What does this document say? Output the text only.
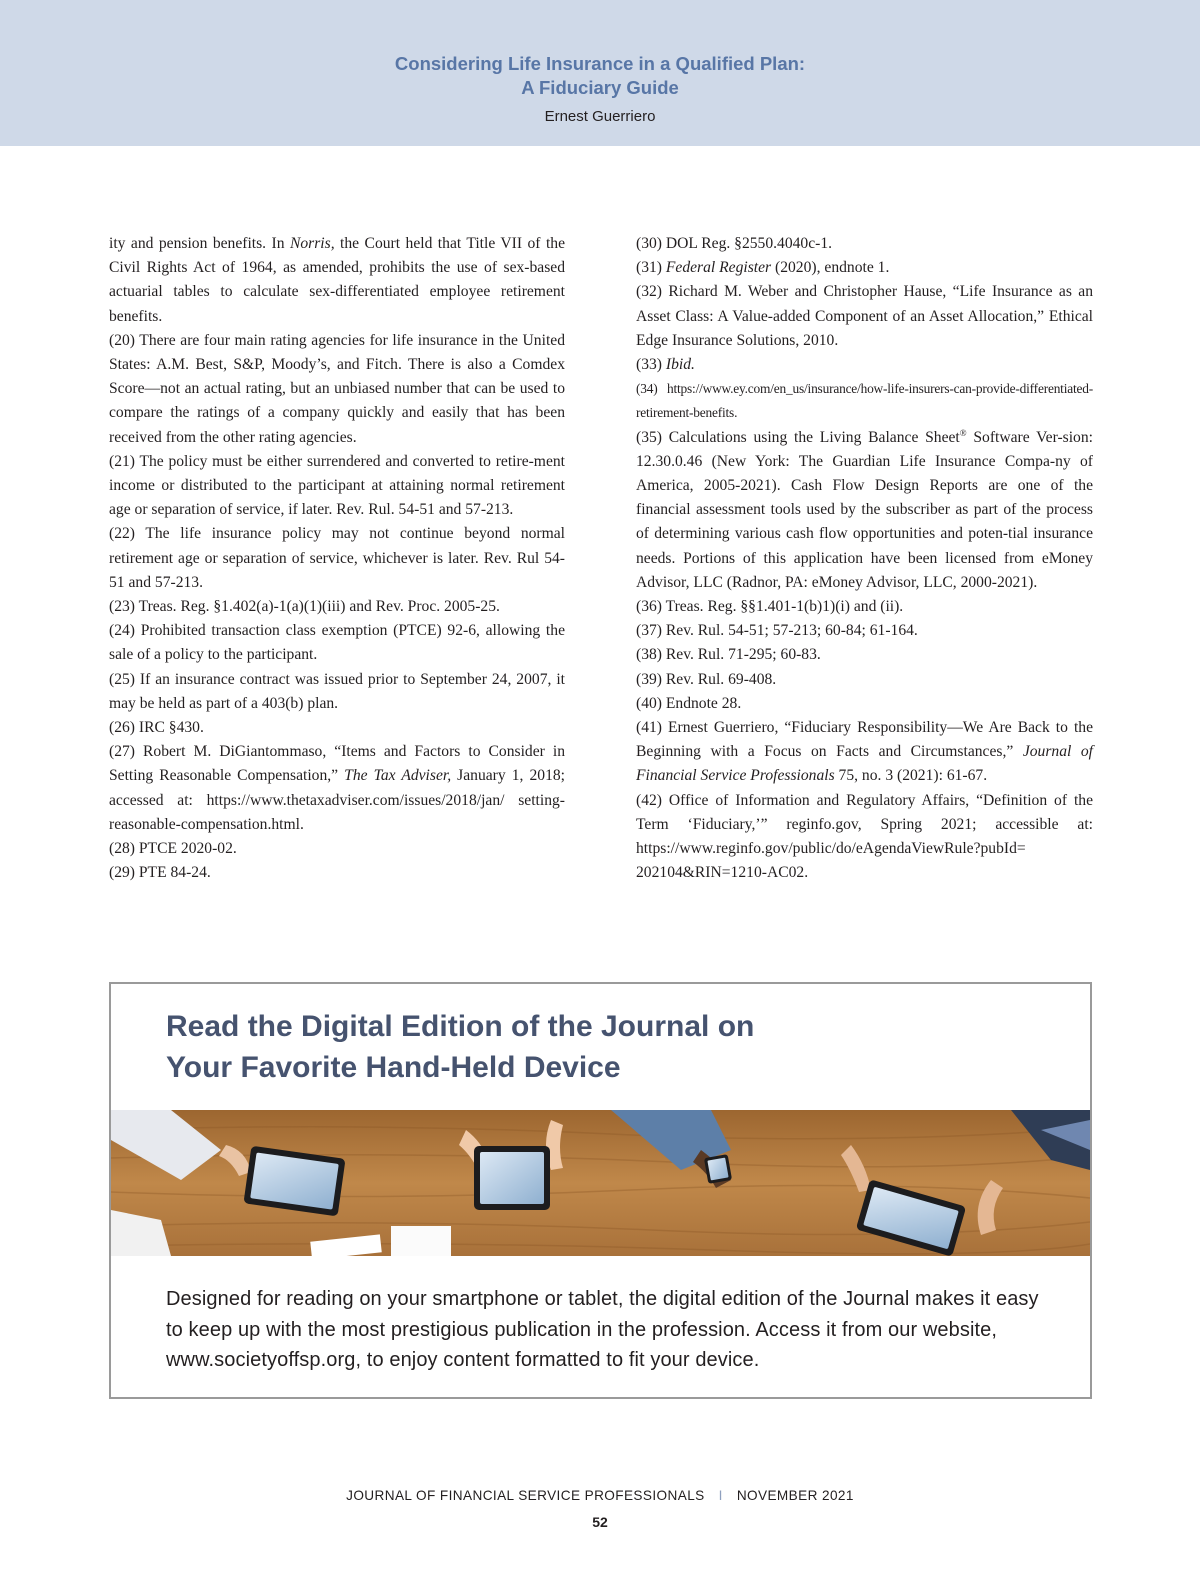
Considering Life Insurance in a Qualified Plan:
A Fiduciary Guide
Ernest Guerriero

ity and pension benefits. In Norris, the Court held that Title VII of the Civil Rights Act of 1964, as amended, prohibits the use of sex-based actuarial tables to calculate sex-differentiated employee retirement benefits.

(20) There are four main rating agencies for life insurance in the United States: A.M. Best, S&P, Moody’s, and Fitch. There is also a Comdex Score—not an actual rating, but an unbiased number that can be used to compare the ratings of a company quickly and easily that has been received from the other rating agencies.

(21) The policy must be either surrendered and converted to retire-ment income or distributed to the participant at attaining normal retirement age or separation of service, if later. Rev. Rul. 54-51 and 57-213.

(22) The life insurance policy may not continue beyond normal retirement age or separation of service, whichever is later. Rev. Rul 54-51 and 57-213.

(23) Treas. Reg. §1.402(a)-1(a)(1)(iii) and Rev. Proc. 2005-25.

(24) Prohibited transaction class exemption (PTCE) 92-6, allowing the sale of a policy to the participant.

(25) If an insurance contract was issued prior to September 24, 2007, it may be held as part of a 403(b) plan.

(26) IRC §430.

(27) Robert M. DiGiantommaso, “Items and Factors to Consider in Setting Reasonable Compensation,” The Tax Adviser, January 1, 2018; accessed at: https://www.thetaxadviser.com/issues/2018/jan/ setting-reasonable-compensation.html.

(28) PTCE 2020-02.

(29) PTE 84-24.

(30) DOL Reg. §2550.4040c-1.

(31) Federal Register (2020), endnote 1.

(32) Richard M. Weber and Christopher Hause, “Life Insurance as an Asset Class: A Value-added Component of an Asset Allocation,” Ethical Edge Insurance Solutions, 2010.

(33) Ibid.

(34) https://www.ey.com/en_us/insurance/how-life-insurers-can-provide-differentiated-retirement-benefits.

(35) Calculations using the Living Balance Sheet® Software Ver-sion: 12.30.0.46 (New York: The Guardian Life Insurance Compa-ny of America, 2005-2021). Cash Flow Design Reports are one of the financial assessment tools used by the subscriber as part of the process of determining various cash flow opportunities and poten-tial insurance needs. Portions of this application have been licensed from eMoney Advisor, LLC (Radnor, PA: eMoney Advisor, LLC, 2000-2021).

(36) Treas. Reg. §§1.401-1(b)1)(i) and (ii).

(37) Rev. Rul. 54-51; 57-213; 60-84; 61-164.

(38) Rev. Rul. 71-295; 60-83.

(39) Rev. Rul. 69-408.

(40) Endnote 28.

(41) Ernest Guerriero, “Fiduciary Responsibility—We Are Back to the Beginning with a Focus on Facts and Circumstances,” Journal of Financial Service Professionals 75, no. 3 (2021): 61-67.

(42) Office of Information and Regulatory Affairs, “Definition of the Term ‘Fiduciary,’” reginfo.gov, Spring 2021; accessible at: https://www.reginfo.gov/public/do/eAgendaViewRule?pubId= 202104&RIN=1210-AC02.

Read the Digital Edition of the Journal on
Your Favorite Hand-Held Device
Designed for reading on your smartphone or tablet, the digital edition of the Journal makes it easy to keep up with the most prestigious publication in the profession. Access it from our website, www.societyoffsp.org, to enjoy content formatted to fit your device.
JOURNAL OF FINANCIAL SERVICE PROFESSIONALS I NOVEMBER 2021
52
